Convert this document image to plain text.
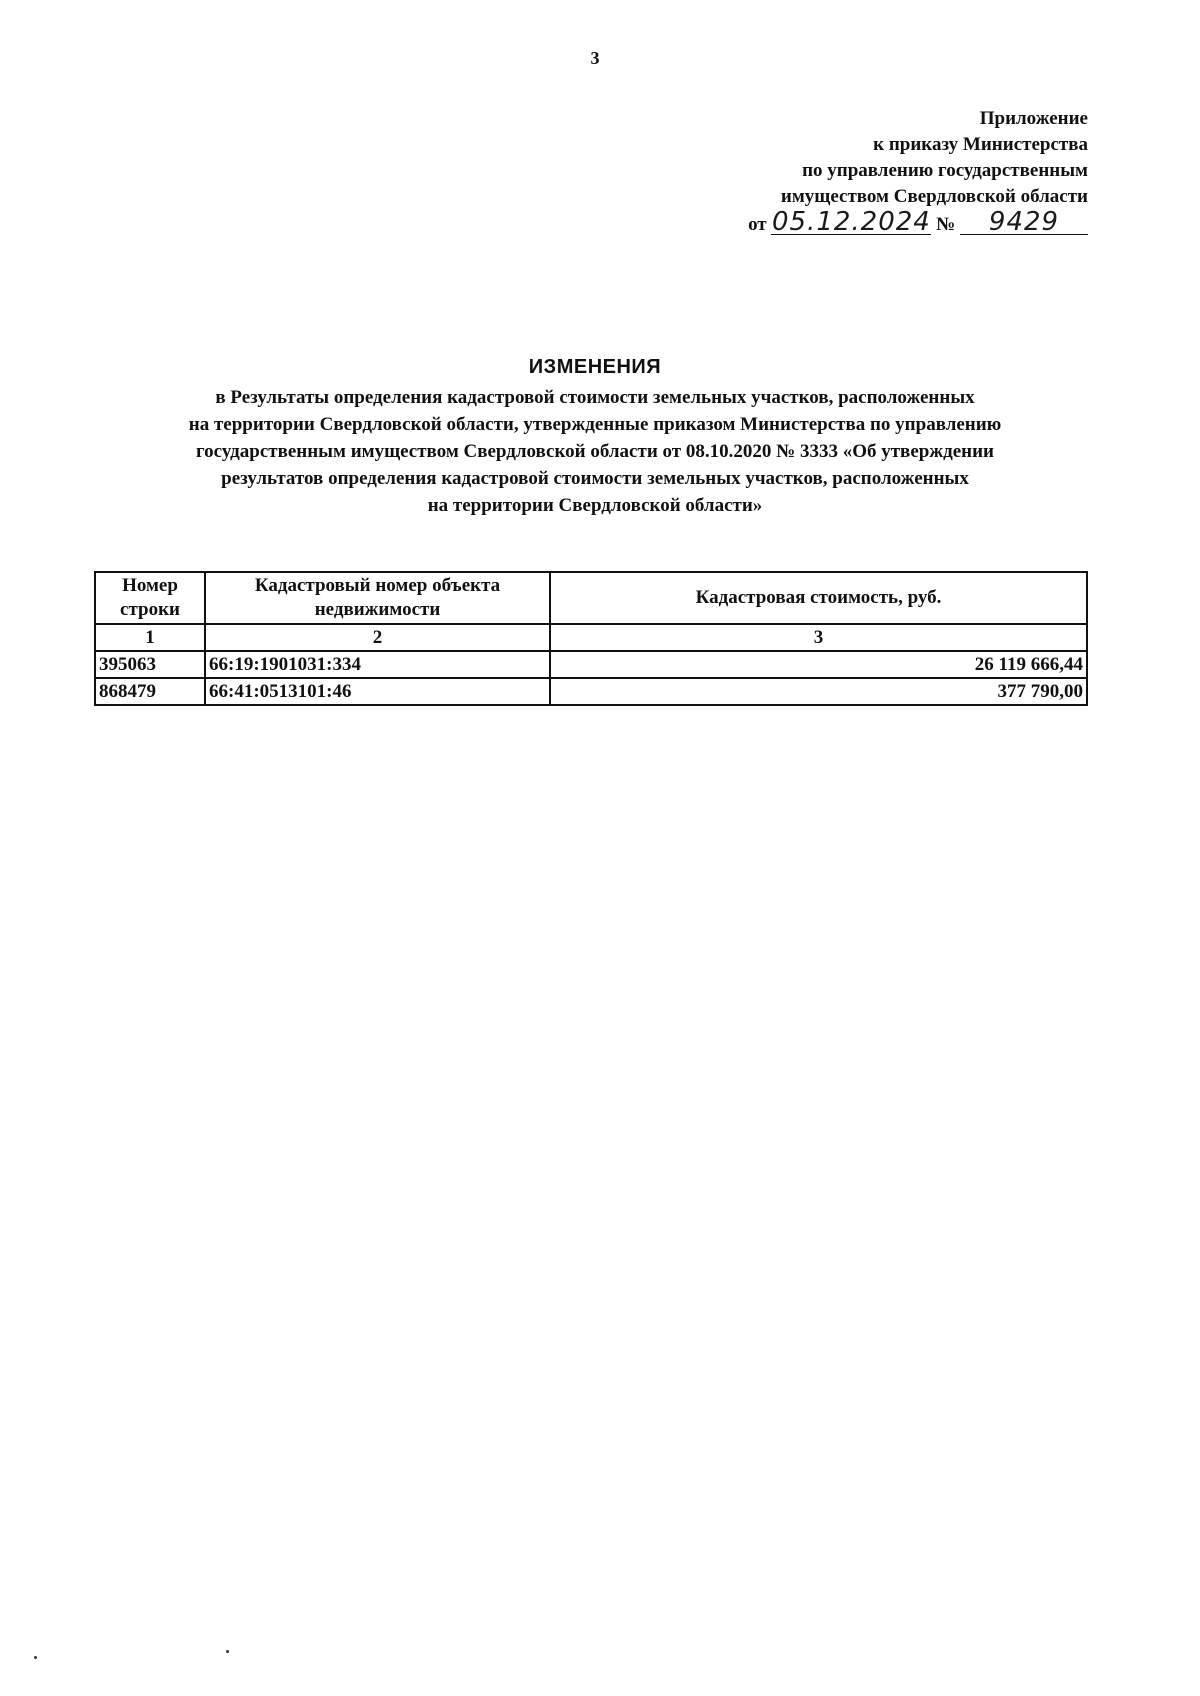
3
Приложение
к приказу Министерства
по управлению государственным
имуществом Свердловской области
от 05.12.2024 № 9429
ИЗМЕНЕНИЯ
в Результаты определения кадастровой стоимости земельных участков, расположенных
на территории Свердловской области, утвержденные приказом Министерства по управлению
государственным имуществом Свердловской области от 08.10.2020 № 3333 «Об утверждении
результатов определения кадастровой стоимости земельных участков, расположенных
на территории Свердловской области»
Номер строки	Кадастровый номер объекта недвижимости	Кадастровая стоимость, руб.
1	2	3
395063	66:19:1901031:334	26 119 666,44
868479	66:41:0513101:46	377 790,00
